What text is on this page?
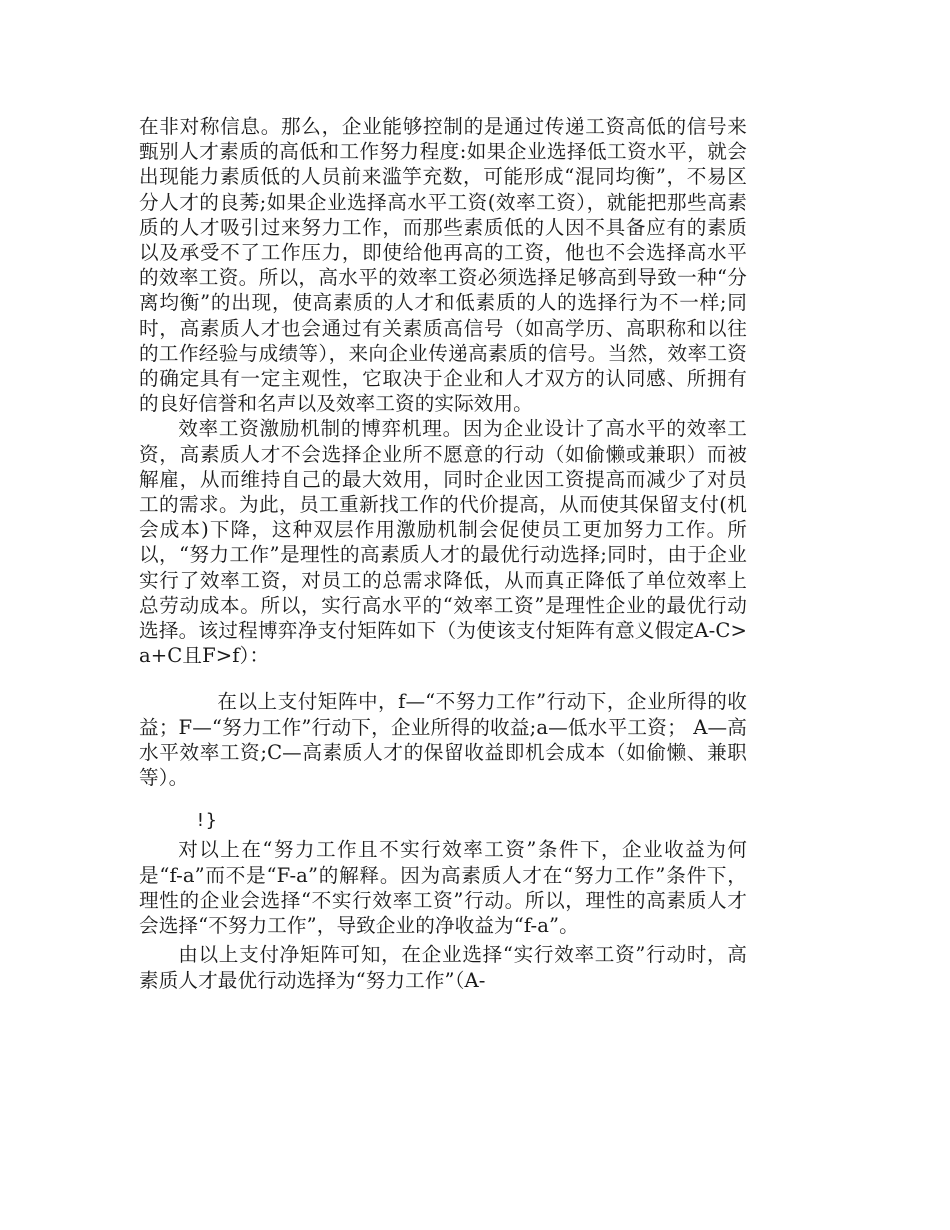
在非对称信息。那么，企业能够控制的是通过传递工资高低的信号来甄别人才素质的高低和工作努力程度:如果企业选择低工资水平，就会出现能力素质低的人员前来滥竽充数，可能形成“混同均衡”，不易区分人才的良莠;如果企业选择高水平工资(效率工资），就能把那些高素质的人才吸引过来努力工作，而那些素质低的人因不具备应有的素质以及承受不了工作压力，即使给他再高的工资，他也不会选择高水平的效率工资。所以，高水平的效率工资必须选择足够高到导致一种“分离均衡”的出现，使高素质的人才和低素质的人的选择行为不一样;同时，高素质人才也会通过有关素质高信号（如高学历、高职称和以往的工作经验与成绩等），来向企业传递高素质的信号。当然，效率工资的确定具有一定主观性，它取决于企业和人才双方的认同感、所拥有的良好信誉和名声以及效率工资的实际效用。

效率工资激励机制的博弈机理。因为企业设计了高水平的效率工资，高素质人才不会选择企业所不愿意的行动（如偷懒或兼职）而被解雇，从而维持自己的最大效用，同时企业因工资提高而减少了对员工的需求。为此，员工重新找工作的代价提高，从而使其保留支付(机会成本)下降，这种双层作用激励机制会促使员工更加努力工作。所以，“努力工作”是理性的高素质人才的最优行动选择;同时，由于企业实行了效率工资，对员工的总需求降低，从而真正降低了单位效率上总劳动成本。所以，实行高水平的“效率工资”是理性企业的最优行动选择。该过程博弈净支付矩阵如下（为使该支付矩阵有意义假定A-C>a+C且F>f）：

在以上支付矩阵中，f—“不努力工作”行动下，企业所得的收益；F—“努力工作”行动下，企业所得的收益;a—低水平工资； A—高水平效率工资;C—高素质人才的保留收益即机会成本（如偷懒、兼职等）。

!}

对以上在“努力工作且不实行效率工资”条件下，企业收益为何是“f-a”而不是“F-a”的解释。因为高素质人才在“努力工作”条件下，理性的企业会选择“不实行效率工资”行动。所以，理性的高素质人才会选择“不努力工作”，导致企业的净收益为“f-a”。

由以上支付净矩阵可知，在企业选择“实行效率工资”行动时，高素质人才最优行动选择为“努力工作”（A-
